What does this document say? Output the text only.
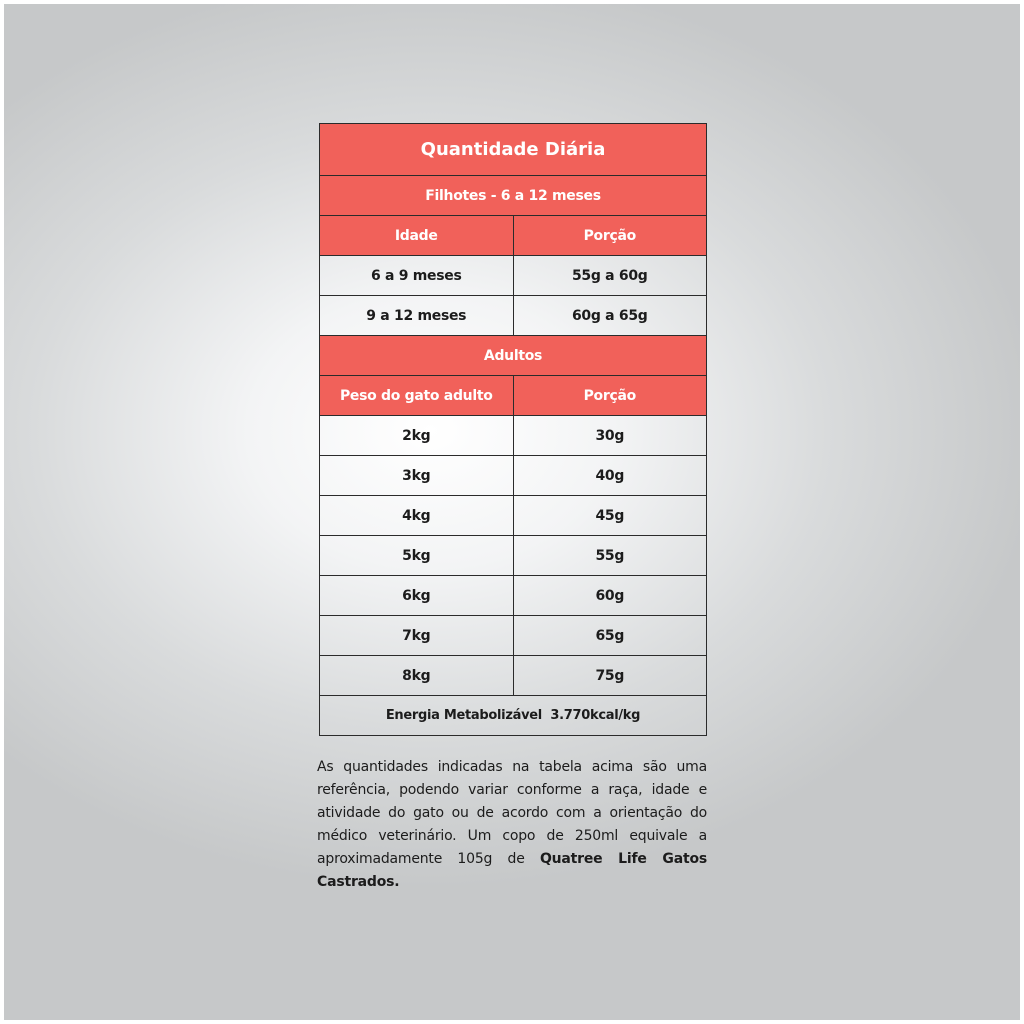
Quantidade Diária	
Filhotes - 6 a 12 meses	
Idade	Porção
6 a 9 meses	55g a 60g
9 a 12 meses	60g a 65g
Adultos	
Peso do gato adulto	Porção
2kg	30g
3kg	40g
4kg	45g
5kg	55g
6kg	60g
7kg	65g
8kg	75g
Energia Metabolizável  3.770kcal/kg	

As quantidades indicadas na tabela acima são uma referência, podendo variar conforme a raça, idade e atividade do gato ou de acordo com a orientação do médico veterinário. Um copo de 250ml equivale a aproximadamente 105g de Quatree Life Gatos Castrados.
